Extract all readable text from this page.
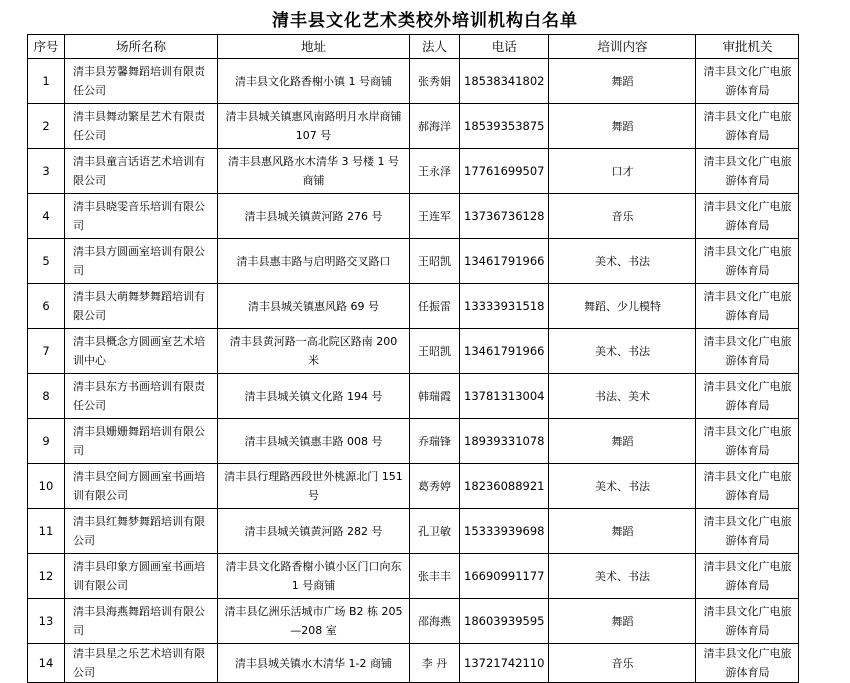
清丰县文化艺术类校外培训机构白名单
序号	场所名称	地址	法人	电话	培训内容	审批机关
1	清丰县芳馨舞蹈培训有限责任公司	清丰县文化路香榭小镇 1 号商铺	张秀娟	18538341802	舞蹈	清丰县文化广电旅游体育局
2	清丰县舞动繁星艺术有限责任公司	清丰县城关镇惠风南路明月水岸商铺 107 号	郝海洋	18539353875	舞蹈	清丰县文化广电旅游体育局
3	清丰县童言话语艺术培训有限公司	清丰县惠风路水木清华 3 号楼 1 号商铺	王永泽	17761699507	口才	清丰县文化广电旅游体育局
4	清丰县晓雯音乐培训有限公司	清丰县城关镇黄河路 276 号	王连军	13736736128	音乐	清丰县文化广电旅游体育局
5	清丰县方圆画室培训有限公司	清丰县惠丰路与启明路交叉路口	王昭凯	13461791966	美术、书法	清丰县文化广电旅游体育局
6	清丰县大萌舞梦舞蹈培训有限公司	清丰县城关镇惠风路 69 号	任振雷	13333931518	舞蹈、少儿模特	清丰县文化广电旅游体育局
7	清丰县概念方圆画室艺术培训中心	清丰县黄河路一高北院区路南 200 米	王昭凯	13461791966	美术、书法	清丰县文化广电旅游体育局
8	清丰县东方书画培训有限责任公司	清丰县城关镇文化路 194 号	韩瑞霞	13781313004	书法、美术	清丰县文化广电旅游体育局
9	清丰县姗姗舞蹈培训有限公司	清丰县城关镇惠丰路 008 号	乔瑞锋	18939331078	舞蹈	清丰县文化广电旅游体育局
10	清丰县空间方圆画室书画培训有限公司	清丰县行理路西段世外桃源北门 151 号	葛秀婷	18236088921	美术、书法	清丰县文化广电旅游体育局
11	清丰县红舞梦舞蹈培训有限公司	清丰县城关镇黄河路 282 号	孔卫敏	15333939698	舞蹈	清丰县文化广电旅游体育局
12	清丰县印象方圆画室书画培训有限公司	清丰县文化路香榭小镇小区门口向东 1 号商铺	张丰丰	16690991177	美术、书法	清丰县文化广电旅游体育局
13	清丰县海燕舞蹈培训有限公司	清丰县亿洲乐活城市广场 B2 栋 205—208 室	邵海燕	18603939595	舞蹈	清丰县文化广电旅游体育局
14	清丰县星之乐艺术培训有限公司	清丰县城关镇水木清华 1-2 商铺	李 丹	13721742110	音乐	清丰县文化广电旅游体育局
